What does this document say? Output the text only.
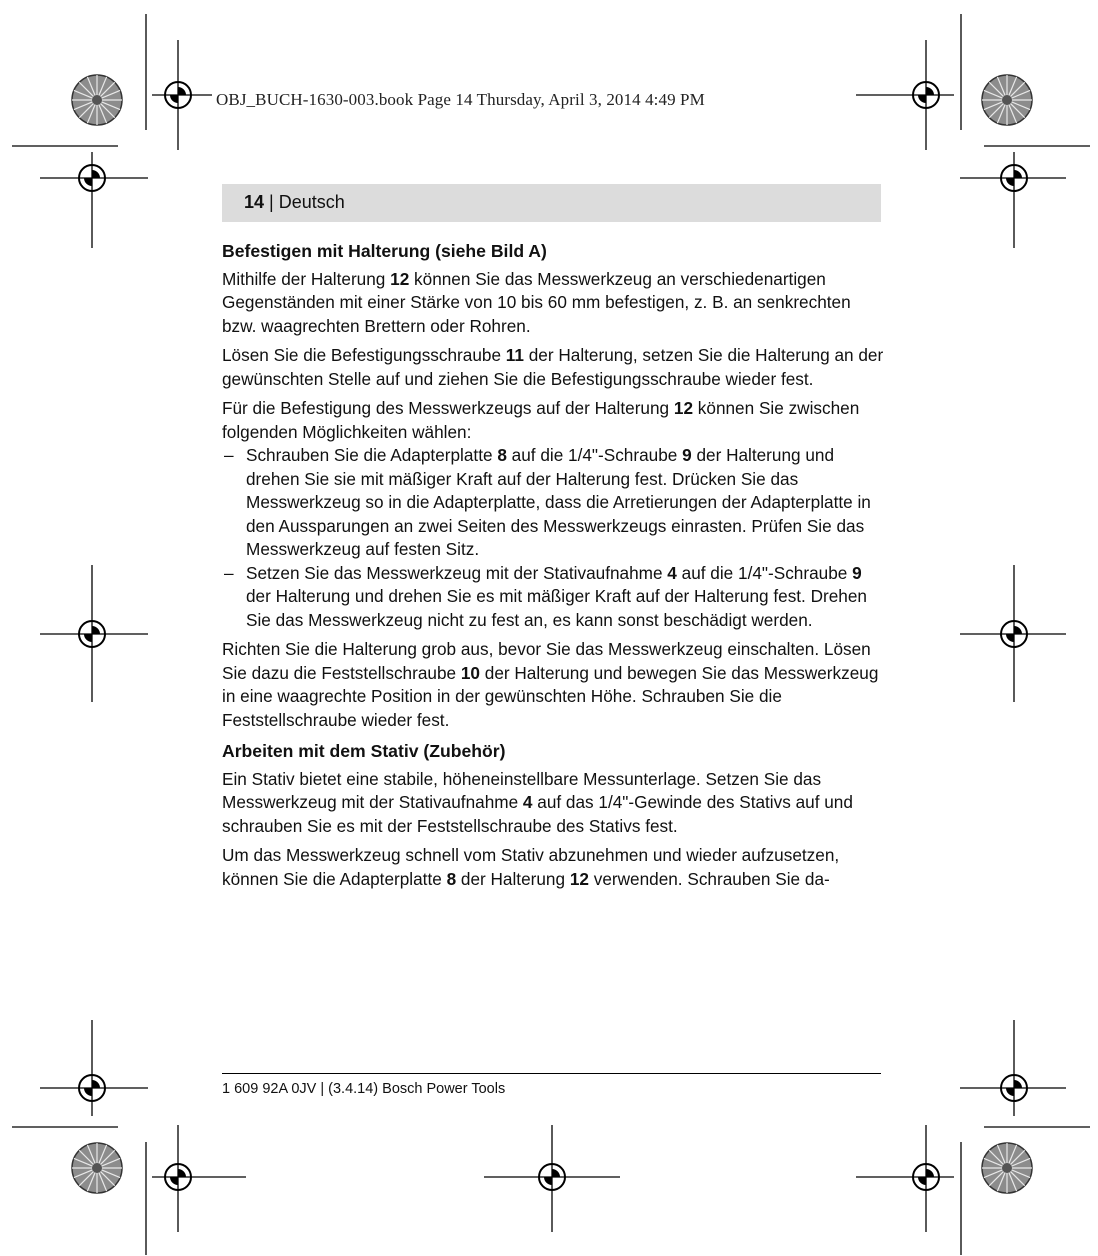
OBJ_BUCH-1630-003.book Page 14 Thursday, April 3, 2014 4:49 PM
14 | Deutsch
Befestigen mit Halterung (siehe Bild A)

Mithilfe der Halterung 12 können Sie das Messwerkzeug an verschiedenartigen Gegenständen mit einer Stärke von 10 bis 60 mm befestigen, z. B. an senkrechten bzw. waagrechten Brettern oder Rohren.

Lösen Sie die Befestigungsschraube 11 der Halterung, setzen Sie die Halterung an der gewünschten Stelle auf und ziehen Sie die Befestigungsschraube wieder fest.

Für die Befestigung des Messwerkzeugs auf der Halterung 12 können Sie zwischen folgenden Möglichkeiten wählen:

– Schrauben Sie die Adapterplatte 8 auf die 1/4"-Schraube 9 der Halterung und drehen Sie sie mit mäßiger Kraft auf der Halterung fest. Drücken Sie das Messwerkzeug so in die Adapterplatte, dass die Arretierungen der Adapterplatte in den Aussparungen an zwei Seiten des Messwerkzeugs einrasten. Prüfen Sie das Messwerkzeug auf festen Sitz.
– Setzen Sie das Messwerkzeug mit der Stativaufnahme 4 auf die 1/4"-Schraube 9 der Halterung und drehen Sie es mit mäßiger Kraft auf der Halterung fest. Drehen Sie das Messwerkzeug nicht zu fest an, es kann sonst beschädigt werden.

Richten Sie die Halterung grob aus, bevor Sie das Messwerkzeug einschalten. Lösen Sie dazu die Feststellschraube 10 der Halterung und bewegen Sie das Messwerkzeug in eine waagrechte Position in der gewünschten Höhe. Schrauben Sie die Feststellschraube wieder fest.

Arbeiten mit dem Stativ (Zubehör)

Ein Stativ bietet eine stabile, höheneinstellbare Messunterlage. Setzen Sie das Messwerkzeug mit der Stativaufnahme 4 auf das 1/4"-Gewinde des Stativs auf und schrauben Sie es mit der Feststellschraube des Stativs fest.

Um das Messwerkzeug schnell vom Stativ abzunehmen und wieder aufzusetzen, können Sie die Adapterplatte 8 der Halterung 12 verwenden. Schrauben Sie da-

1 609 92A 0JV | (3.4.14) Bosch Power Tools
